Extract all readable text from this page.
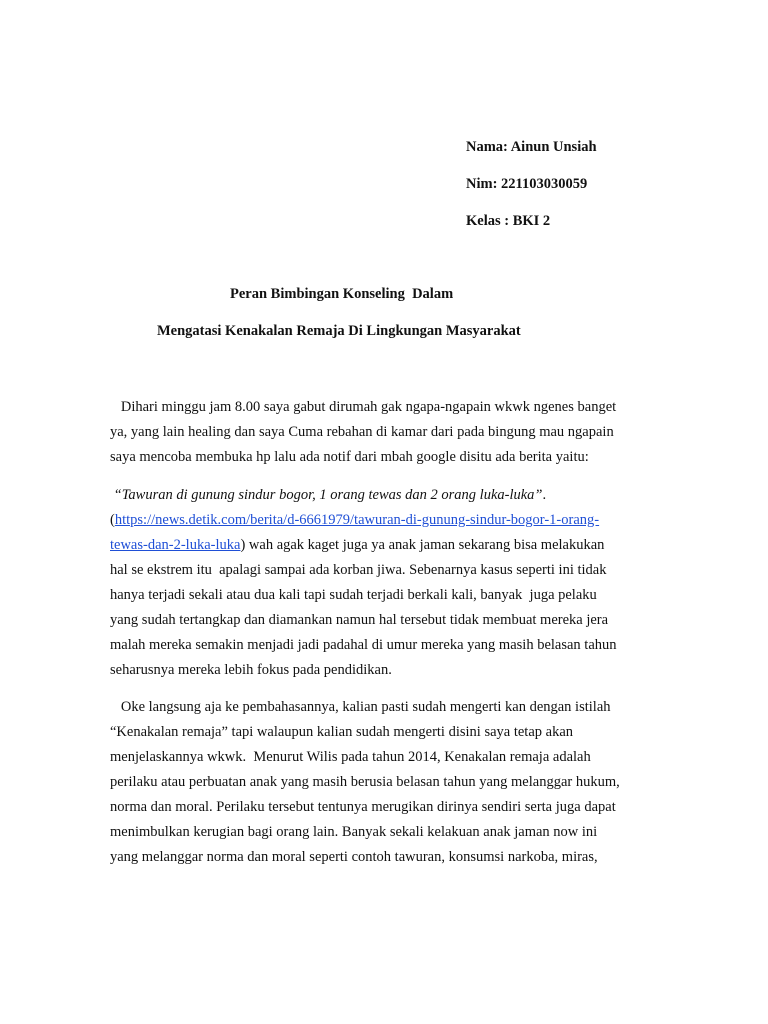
Nama: Ainun Unsiah
Nim: 221103030059
Kelas : BKI 2
Peran Bimbingan Konseling  Dalam
Mengatasi Kenakalan Remaja Di Lingkungan Masyarakat
Dihari minggu jam 8.00 saya gabut dirumah gak ngapa-ngapain wkwk ngenes banget
ya, yang lain healing dan saya Cuma rebahan di kamar dari pada bingung mau ngapain
saya mencoba membuka hp lalu ada notif dari mbah google disitu ada berita yaitu:
“Tawuran di gunung sindur bogor, 1 orang tewas dan 2 orang luka-luka”.
(https://news.detik.com/berita/d-6661979/tawuran-di-gunung-sindur-bogor-1-orang-
tewas-dan-2-luka-luka) wah agak kaget juga ya anak jaman sekarang bisa melakukan
hal se ekstrem itu  apalagi sampai ada korban jiwa. Sebenarnya kasus seperti ini tidak
hanya terjadi sekali atau dua kali tapi sudah terjadi berkali kali, banyak  juga pelaku
yang sudah tertangkap dan diamankan namun hal tersebut tidak membuat mereka jera
malah mereka semakin menjadi jadi padahal di umur mereka yang masih belasan tahun
seharusnya mereka lebih fokus pada pendidikan.
Oke langsung aja ke pembahasannya, kalian pasti sudah mengerti kan dengan istilah
“Kenakalan remaja” tapi walaupun kalian sudah mengerti disini saya tetap akan
menjelaskannya wkwk.  Menurut Wilis pada tahun 2014, Kenakalan remaja adalah
perilaku atau perbuatan anak yang masih berusia belasan tahun yang melanggar hukum,
norma dan moral. Perilaku tersebut tentunya merugikan dirinya sendiri serta juga dapat
menimbulkan kerugian bagi orang lain. Banyak sekali kelakuan anak jaman now ini
yang melanggar norma dan moral seperti contoh tawuran, konsumsi narkoba, miras,
